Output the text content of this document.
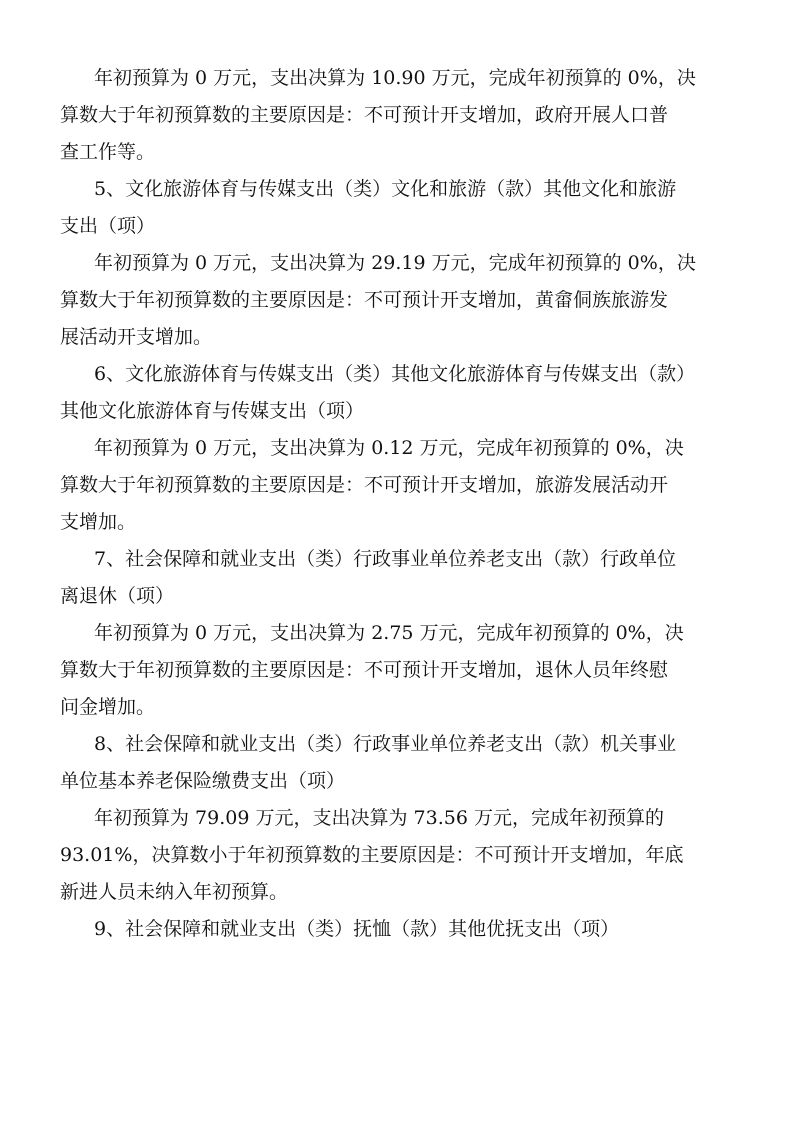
年初预算为 0 万元，支出决算为 10.90 万元，完成年初预算的 0%，决

算数大于年初预算数的主要原因是：不可预计开支增加，政府开展人口普

查工作等。

5、文化旅游体育与传媒支出（类）文化和旅游（款）其他文化和旅游

支出（项）

年初预算为 0 万元，支出决算为 29.19 万元，完成年初预算的 0%，决

算数大于年初预算数的主要原因是：不可预计开支增加，黄畲侗族旅游发

展活动开支增加。

6、文化旅游体育与传媒支出（类）其他文化旅游体育与传媒支出（款）

其他文化旅游体育与传媒支出（项）

年初预算为 0 万元，支出决算为 0.12 万元，完成年初预算的 0%，决

算数大于年初预算数的主要原因是：不可预计开支增加，旅游发展活动开

支增加。

7、社会保障和就业支出（类）行政事业单位养老支出（款）行政单位

离退休（项）

年初预算为 0 万元，支出决算为 2.75 万元，完成年初预算的 0%，决

算数大于年初预算数的主要原因是：不可预计开支增加，退休人员年终慰

问金增加。

8、社会保障和就业支出（类）行政事业单位养老支出（款）机关事业

单位基本养老保险缴费支出（项）

年初预算为 79.09 万元，支出决算为 73.56 万元，完成年初预算的

93.01%，决算数小于年初预算数的主要原因是：不可预计开支增加，年底

新进人员未纳入年初预算。

9、社会保障和就业支出（类）抚恤（款）其他优抚支出（项）
